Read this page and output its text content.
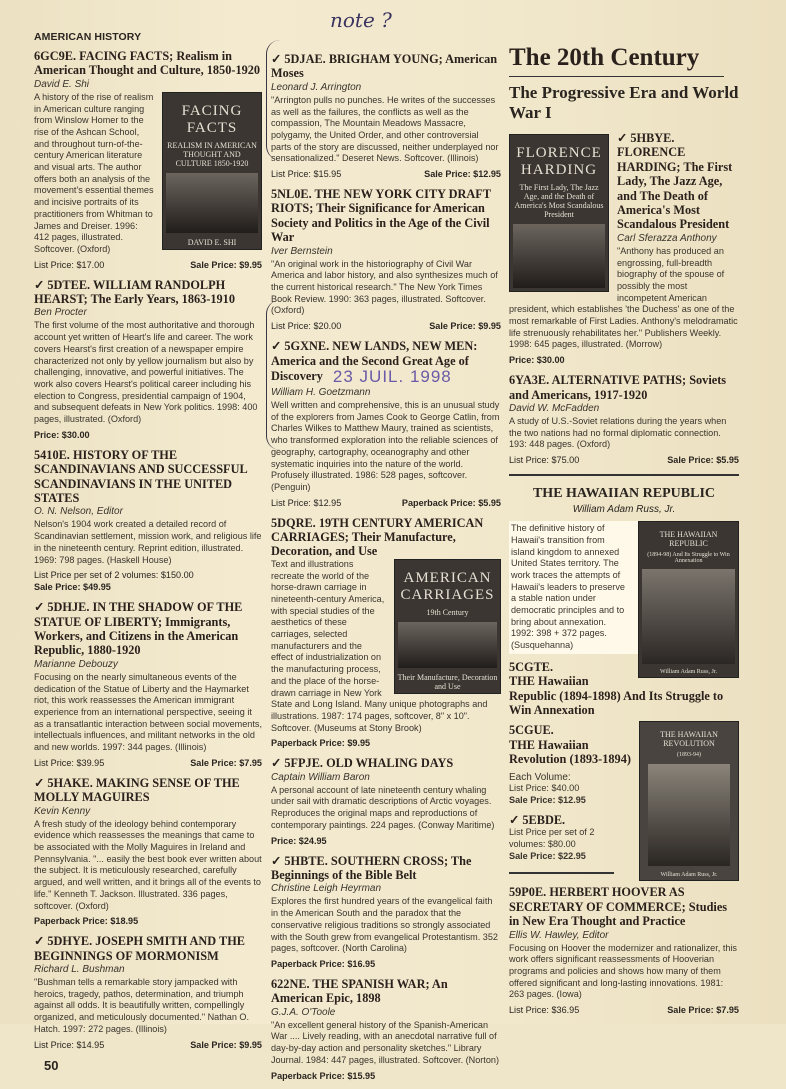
note ?
AMERICAN HISTORY
6GC9E. FACING FACTS; Realism in American Thought and Culture, 1850-1920
David E. Shi
FACING FACTS
REALISM IN AMERICAN THOUGHT AND CULTURE 1850-1920
DAVID E. SHI
A history of the rise of realism in American culture ranging from Winslow Homer to the rise of the Ashcan School, and throughout turn-of-the-century American literature and visual arts. The author offers both an analysis of the movement's essential themes and incisive portraits of its practitioners from Whitman to James and Dreiser. 1996: 412 pages, illustrated. Softcover. (Oxford)
List Price: $17.00	Sale Price: $9.95
✓ 5DTEE. WILLIAM RANDOLPH HEARST; The Early Years, 1863-1910
Ben Procter
The first volume of the most authoritative and thorough account yet written of Heart's life and career. The work covers Hearst's first creation of a newspaper empire characterized not only by yellow journalism but also by challenging, innovative, and powerful initiatives. The work also covers Hearst's political career including his election to Congress, presidential campaign of 1904, and subsequent defeats in New York politics. 1998: 400 pages, illustrated. (Oxford)
Price: $30.00
5410E. HISTORY OF THE SCANDINAVIANS AND SUCCESSFUL SCANDINAVIANS IN THE UNITED STATES
O. N. Nelson, Editor
Nelson's 1904 work created a detailed record of Scandinavian settlement, mission work, and religious life in the nineteenth century. Reprint edition, illustrated. 1969: 798 pages. (Haskell House)
List Price per set of 2 volumes: $150.00
Sale Price: $49.95
✓ 5DHJE. IN THE SHADOW OF THE STATUE OF LIBERTY; Immigrants, Workers, and Citizens in the American Republic, 1880-1920
Marianne Debouzy
Focusing on the nearly simultaneous events of the dedication of the Statue of Liberty and the Haymarket riot, this work reassesses the American immigrant experience from an international perspective, seeing it as a transatlantic interaction between social movements, intellectuals influences, and militant networks in the old and new worlds. 1997: 344 pages. (Illinois)
List Price: $39.95	Sale Price: $7.95
✓ 5HAKE. MAKING SENSE OF THE MOLLY MAGUIRES
Kevin Kenny
A fresh study of the ideology behind contemporary evidence which reassesses the meanings that came to be associated with the Molly Maguires in Ireland and Pennsylvania. "... easily the best book ever written about the subject. It is meticulously researched, carefully argued, and well written, and it brings all of the events to life." Kenneth T. Jackson. Illustrated. 336 pages, softcover. (Oxford)
Paperback Price: $18.95
✓ 5DHYE. JOSEPH SMITH AND THE BEGINNINGS OF MORMONISM
Richard L. Bushman
"Bushman tells a remarkable story jampacked with heroics, tragedy, pathos, determination, and triumph against all odds. It is beautifully written, compellingly organized, and meticulously documented." Nathan O. Hatch. 1997: 272 pages. (Illinois)
List Price: $14.95	Sale Price: $9.95
50
✓ 5DJAE. BRIGHAM YOUNG; American Moses
Leonard J. Arrington
"Arrington pulls no punches. He writes of the successes as well as the failures, the conflicts as well as the compassion, The Mountain Meadows Massacre, polygamy, the United Order, and other controversial parts of the story are discussed, neither underplayed nor sensationalized." Deseret News. Softcover. (Illinois)
List Price: $15.95	Sale Price: $12.95
5NL0E. THE NEW YORK CITY DRAFT RIOTS; Their Significance for American Society and Politics in the Age of the Civil War
Iver Bernstein
"An original work in the historiography of Civil War America and labor history, and also synthesizes much of the current historical research." The New York Times Book Review. 1990: 363 pages, illustrated. Softcover. (Oxford)
List Price: $20.00	Sale Price: $9.95
✓ 5GXNE. NEW LANDS, NEW MEN: America and the Second Great Age of Discovery 23 JUIL. 1998
William H. Goetzmann
Well written and comprehensive, this is an unusual study of the explorers from James Cook to George Catlin, from Charles Wilkes to Matthew Maury, trained as scientists, who transformed exploration into the reliable sciences of geography, cartography, oceanography and other systematic inquiries into the nature of the world. Profusely illustrated. 1986: 528 pages, softcover. (Penguin)
List Price: $12.95	Paperback Price: $5.95
5DQRE. 19TH CENTURY AMERICAN CARRIAGES; Their Manufacture, Decoration, and Use
AMERICAN CARRIAGES
19th Century
Their Manufacture, Decoration and Use
Text and illustrations recreate the world of the horse-drawn carriage in nineteenth-century America, with special studies of the aesthetics of these carriages, selected manufacturers and the effect of industrialization on the manufacturing process, and the place of the horse-drawn carriage in New York State and Long Island. Many unique photographs and illustrations. 1987: 174 pages, softcover, 8" x 10". Softcover. (Museums at Stony Brook)
Paperback Price: $9.95
✓ 5FPJE. OLD WHALING DAYS
Captain William Baron
A personal account of late nineteenth century whaling under sail with dramatic descriptions of Arctic voyages. Reproduces the original maps and reproductions of contemporary paintings. 224 pages. (Conway Maritime)
Price: $24.95
✓ 5HBTE. SOUTHERN CROSS; The Beginnings of the Bible Belt
Christine Leigh Heyrman
Explores the first hundred years of the evangelical faith in the American South and the paradox that the conservative religious traditions so strongly associated with the South grew from evangelical Protestantism. 352 pages, softcover. (North Carolina)
Paperback Price: $16.95
622NE. THE SPANISH WAR; An American Epic, 1898
G.J.A. O'Toole
"An excellent general history of the Spanish-American War .... Lively reading, with an anecdotal narrative full of day-by-day action and personality sketches." Library Journal. 1984: 447 pages, illustrated. Softcover. (Norton)
Paperback Price: $15.95
The 20th Century
The Progressive Era and World War I
FLORENCE HARDING
The First Lady, The Jazz Age, and the Death of America's Most Scandalous President
✓ 5HBYE. FLORENCE HARDING; The First Lady, The Jazz Age, and The Death of America's Most Scandalous President
Carl Sferazza Anthony
"Anthony has produced an engrossing, full-breadth biography of the spouse of possibly the most incompetent American president, which establishes 'the Duchess' as one of the most remarkable of First Ladies. Anthony's melodramatic life strenuously rehabilitates her." Publishers Weekly. 1998: 645 pages, illustrated. (Morrow)
Price: $30.00
6YA3E. ALTERNATIVE PATHS; Soviets and Americans, 1917-1920
David W. McFadden
A study of U.S.-Soviet relations during the years when the two nations had no formal diplomatic connection. 193: 448 pages. (Oxford)
List Price: $75.00	Sale Price: $5.95
THE HAWAIIAN REPUBLIC
William Adam Russ, Jr.
THE HAWAIIAN REPUBLIC
(1894-98) And Its Struggle to Win Annexation
William Adam Russ, Jr.
The definitive history of Hawaii's transition from island kingdom to annexed United States territory. The work traces the attempts of Hawaii's leaders to preserve a stable nation under democratic principles and to bring about annexation. 1992: 398 + 372 pages. (Susquehanna)
5CGTE.
THE Hawaiian Republic (1894-1898) And Its Struggle to Win Annexation
THE HAWAIIAN REVOLUTION
(1893-94)
William Adam Russ, Jr.
5CGUE.
THE Hawaiian Revolution (1893-1894)
Each Volume:
List Price: $40.00
Sale Price: $12.95
✓ 5EBDE.
List Price per set of 2 volumes: $80.00
Sale Price: $22.95
59P0E. HERBERT HOOVER AS SECRETARY OF COMMERCE; Studies in New Era Thought and Practice
Ellis W. Hawley, Editor
Focusing on Hoover the modernizer and rationalizer, this work offers significant reassessments of Hooverian programs and policies and shows how many of them offered significant and long-lasting innovations. 1981: 263 pages. (Iowa)
List Price: $36.95	Sale Price: $7.95
